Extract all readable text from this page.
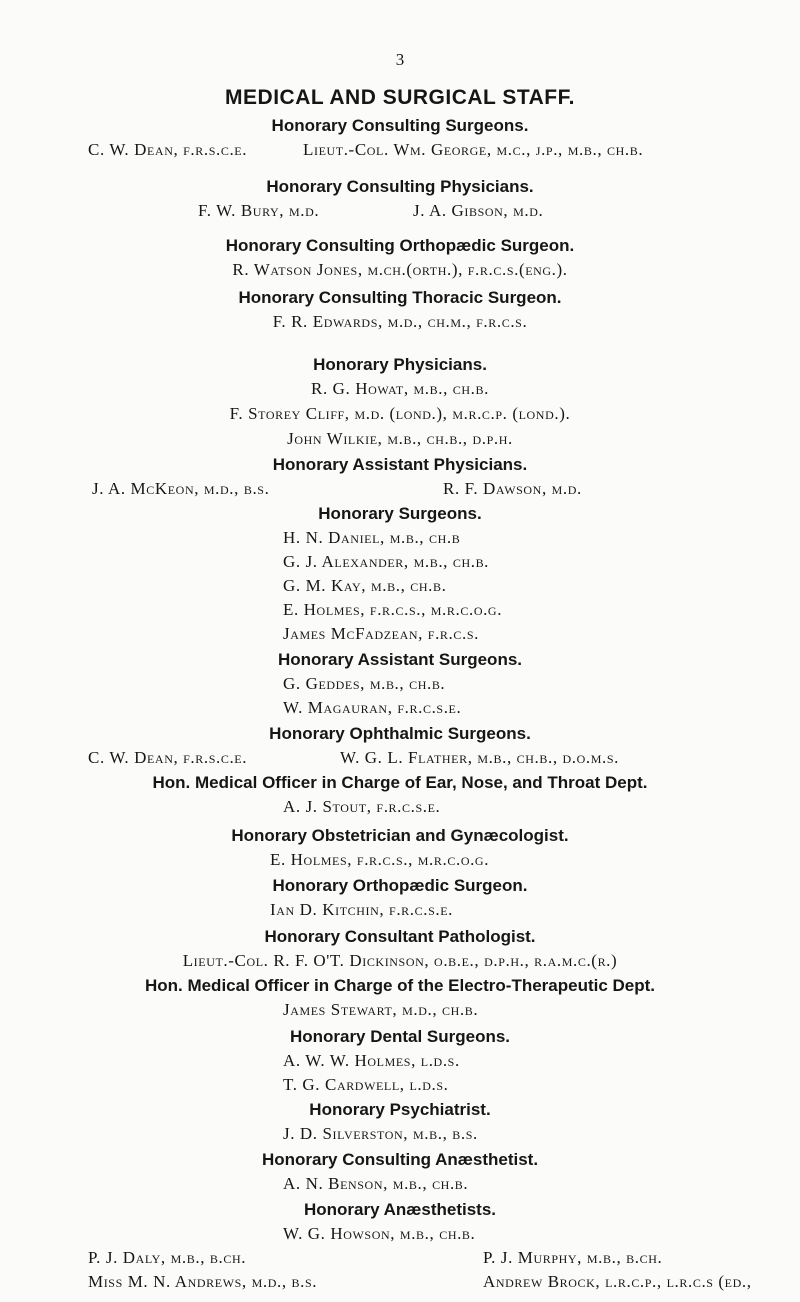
3
MEDICAL AND SURGICAL STAFF.
Honorary Consulting Surgeons.
C. W. Dean, f.r.s.c.e.	Lieut.-Col. Wm. George, m.c., j.p., m.b., ch.b.
Honorary Consulting Physicians.
F. W. Bury, m.d.	J. A. Gibson, m.d.
Honorary Consulting Orthopædic Surgeon.
R. Watson Jones, m.ch.(orth.), f.r.c.s.(eng.).
Honorary Consulting Thoracic Surgeon.
F. R. Edwards, m.d., ch.m., f.r.c.s.
Honorary Physicians.
R. G. Howat, m.b., ch.b.
F. Storey Cliff, m.d. (lond.), m.r.c.p. (lond.).
John Wilkie, m.b., ch.b., d.p.h.
Honorary Assistant Physicians.
J. A. McKeon, m.d., b.s.	R. F. Dawson, m.d.
Honorary Surgeons.
H. N. Daniel, m.b., ch.b
G. J. Alexander, m.b., ch.b.
G. M. Kay, m.b., ch.b.
E. Holmes, f.r.c.s., m.r.c.o.g.
James McFadzean, f.r.c.s.
Honorary Assistant Surgeons.
G. Geddes, m.b., ch.b.
W. Magauran, f.r.c.s.e.
Honorary Ophthalmic Surgeons.
C. W. Dean, f.r.s.c.e.	W. G. L. Flather, m.b., ch.b., d.o.m.s.
Hon. Medical Officer in Charge of Ear, Nose, and Throat Dept.
A. J. Stout, f.r.c.s.e.
Honorary Obstetrician and Gynæcologist.
E. Holmes, f.r.c.s., m.r.c.o.g.
Honorary Orthopædic Surgeon.
Ian D. Kitchin, f.r.c.s.e.
Honorary Consultant Pathologist.
Lieut.-Col. R. F. O'T. Dickinson, o.b.e., d.p.h., r.a.m.c.(r.)
Hon. Medical Officer in Charge of the Electro-Therapeutic Dept.
James Stewart, m.d., ch.b.
Honorary Dental Surgeons.
A. W. W. Holmes, l.d.s.
T. G. Cardwell, l.d.s.
Honorary Psychiatrist.
J. D. Silverston, m.b., b.s.
Honorary Consulting Anæsthetist.
A. N. Benson, m.b., ch.b.
Honorary Anæsthetists.
W. G. Howson, m.b., ch.b.
P. J. Daly, m.b., b.ch.	P. J. Murphy, m.b., b.ch.
Miss M. N. Andrews, m.d., b.s.	Andrew Brock, l.r.c.p., l.r.c.s (ed.,
